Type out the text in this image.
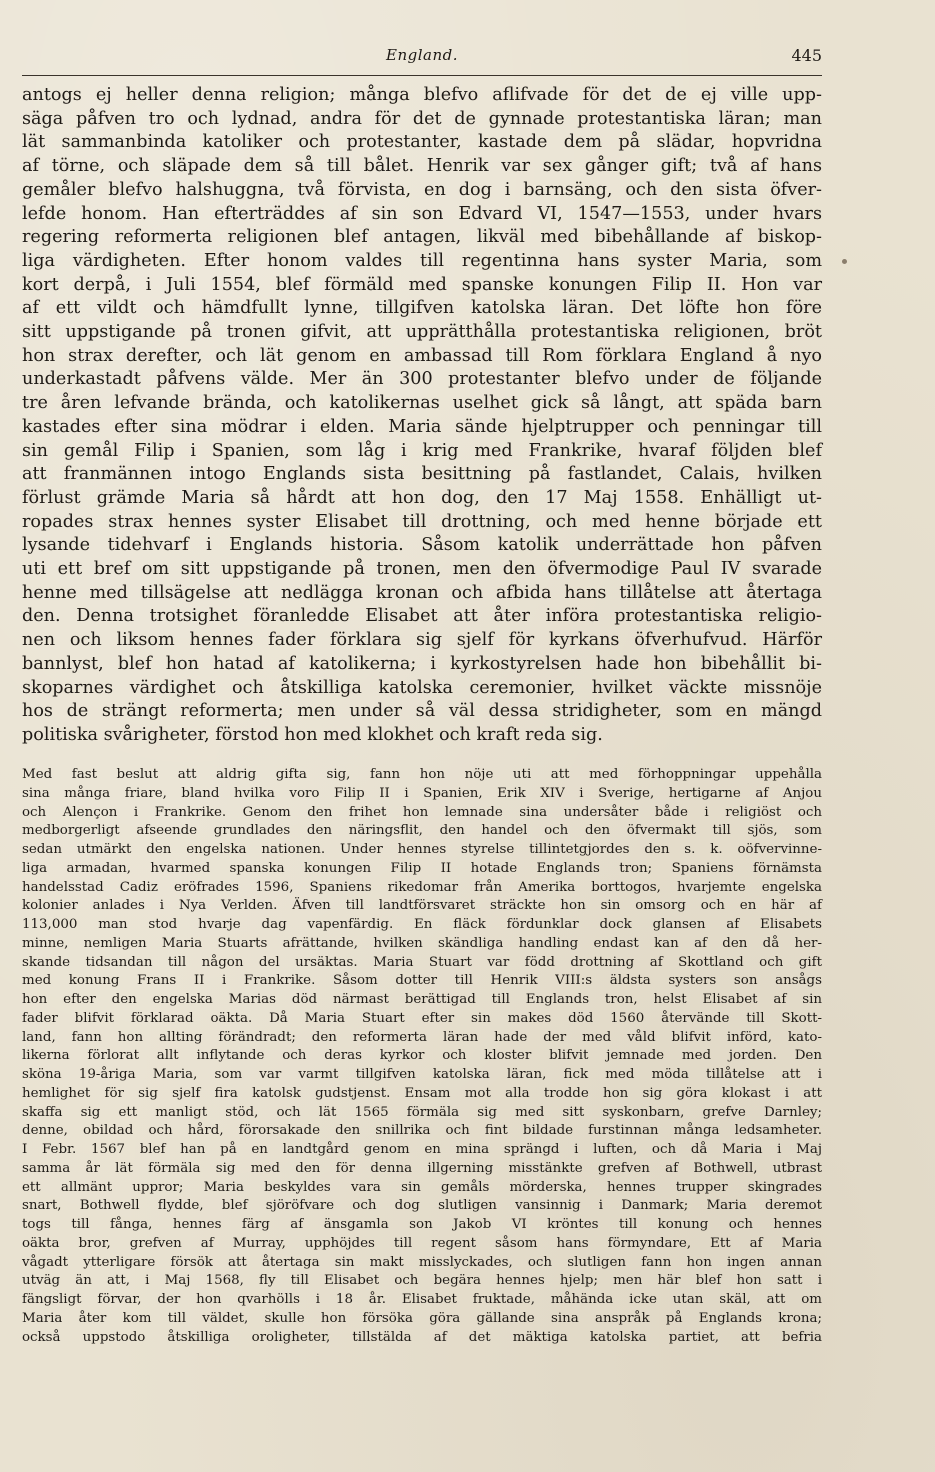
England.	445
antogs ej heller denna religion; många blefvo aflifvade för det de ej ville upp-
säga påfven tro och lydnad, andra för det de gynnade protestantiska läran; man
lät sammanbinda katoliker och protestanter, kastade dem på slädar, hopvridna
af törne, och släpade dem så till bålet. Henrik var sex gånger gift; två af hans
gemåler blefvo halshuggna, två förvista, en dog i barnsäng, och den sista öfver-
lefde honom. Han efterträddes af sin son Edvard VI, 1547—1553, under hvars
regering reformerta religionen blef antagen, likväl med bibehållande af biskop-
liga värdigheten. Efter honom valdes till regentinna hans syster Maria, som
kort derpå, i Juli 1554, blef förmäld med spanske konungen Filip II. Hon var
af ett vildt och hämdfullt lynne, tillgifven katolska läran. Det löfte hon före
sitt uppstigande på tronen gifvit, att upprätthålla protestantiska religionen, bröt
hon strax derefter, och lät genom en ambassad till Rom förklara England å nyo
underkastadt påfvens välde. Mer än 300 protestanter blefvo under de följande
tre åren lefvande brända, och katolikernas uselhet gick så långt, att späda barn
kastades efter sina mödrar i elden. Maria sände hjelptrupper och penningar till
sin gemål Filip i Spanien, som låg i krig med Frankrike, hvaraf följden blef
att franmännen intogo Englands sista besittning på fastlandet, Calais, hvilken
förlust grämde Maria så hårdt att hon dog, den 17 Maj 1558. Enhälligt ut-
ropades strax hennes syster Elisabet till drottning, och med henne började ett
lysande tidehvarf i Englands historia. Såsom katolik underrättade hon påfven
uti ett bref om sitt uppstigande på tronen, men den öfvermodige Paul IV svarade
henne med tillsägelse att nedlägga kronan och afbida hans tillåtelse att återtaga
den. Denna trotsighet föranledde Elisabet att åter införa protestantiska religio-
nen och liksom hennes fader förklara sig sjelf för kyrkans öfverhufvud. Härför
bannlyst, blef hon hatad af katolikerna; i kyrkostyrelsen hade hon bibehållit bi-
skoparnes värdighet och åtskilliga katolska ceremonier, hvilket väckte missnöje
hos de strängt reformerta; men under så väl dessa stridigheter, som en mängd
politiska svårigheter, förstod hon med klokhet och kraft reda sig.
Med fast beslut att aldrig gifta sig, fann hon nöje uti att med förhoppningar uppehålla
sina många friare, bland hvilka voro Filip II i Spanien, Erik XIV i Sverige, hertigarne af Anjou
och Alençon i Frankrike. Genom den frihet hon lemnade sina undersåter både i religiöst och
medborgerligt afseende grundlades den näringsflit, den handel och den öfvermakt till sjös, som
sedan utmärkt den engelska nationen. Under hennes styrelse tillintetgjordes den s. k. oöfvervinne-
liga armadan, hvarmed spanska konungen Filip II hotade Englands tron; Spaniens förnämsta
handelsstad Cadiz eröfrades 1596, Spaniens rikedomar från Amerika borttogos, hvarjemte engelska
kolonier anlades i Nya Verlden. Äfven till landtförsvaret sträckte hon sin omsorg och en här af
113,000 man stod hvarje dag vapenfärdig. En fläck fördunklar dock glansen af Elisabets
minne, nemligen Maria Stuarts afrättande, hvilken skändliga handling endast kan af den då her-
skande tidsandan till någon del ursäktas. Maria Stuart var född drottning af Skottland och gift
med konung Frans II i Frankrike. Såsom dotter till Henrik VIII:s äldsta systers son ansågs
hon efter den engelska Marias död närmast berättigad till Englands tron, helst Elisabet af sin
fader blifvit förklarad oäkta. Då Maria Stuart efter sin makes död 1560 återvände till Skott-
land, fann hon allting förändradt; den reformerta läran hade der med våld blifvit införd, kato-
likerna förlorat allt inflytande och deras kyrkor och kloster blifvit jemnade med jorden. Den
sköna 19-åriga Maria, som var varmt tillgifven katolska läran, fick med möda tillåtelse att i
hemlighet för sig sjelf fira katolsk gudstjenst. Ensam mot alla trodde hon sig göra klokast i att
skaffa sig ett manligt stöd, och lät 1565 förmäla sig med sitt syskonbarn, grefve Darnley;
denne, obildad och hård, förorsakade den snillrika och fint bildade furstinnan många ledsamheter.
I Febr. 1567 blef han på en landtgård genom en mina sprängd i luften, och då Maria i Maj
samma år lät förmäla sig med den för denna illgerning misstänkte grefven af Bothwell, utbrast
ett allmänt uppror; Maria beskyldes vara sin gemåls mörderska, hennes trupper skingrades
snart, Bothwell flydde, blef sjöröfvare och dog slutligen vansinnig i Danmark; Maria deremot
togs till fånga, hennes färg af änsgamla son Jakob VI kröntes till konung och hennes
oäkta bror, grefven af Murray, upphöjdes till regent såsom hans förmyndare, Ett af Maria
vågadt ytterligare försök att återtaga sin makt misslyckades, och slutligen fann hon ingen annan
utväg än att, i Maj 1568, fly till Elisabet och begära hennes hjelp; men här blef hon satt i
fängsligt förvar, der hon qvarhölls i 18 år. Elisabet fruktade, måhända icke utan skäl, att om
Maria åter kom till väldet, skulle hon försöka göra gällande sina anspråk på Englands krona;
också uppstodo åtskilliga oroligheter, tillstälda af det mäktiga katolska partiet, att befria
